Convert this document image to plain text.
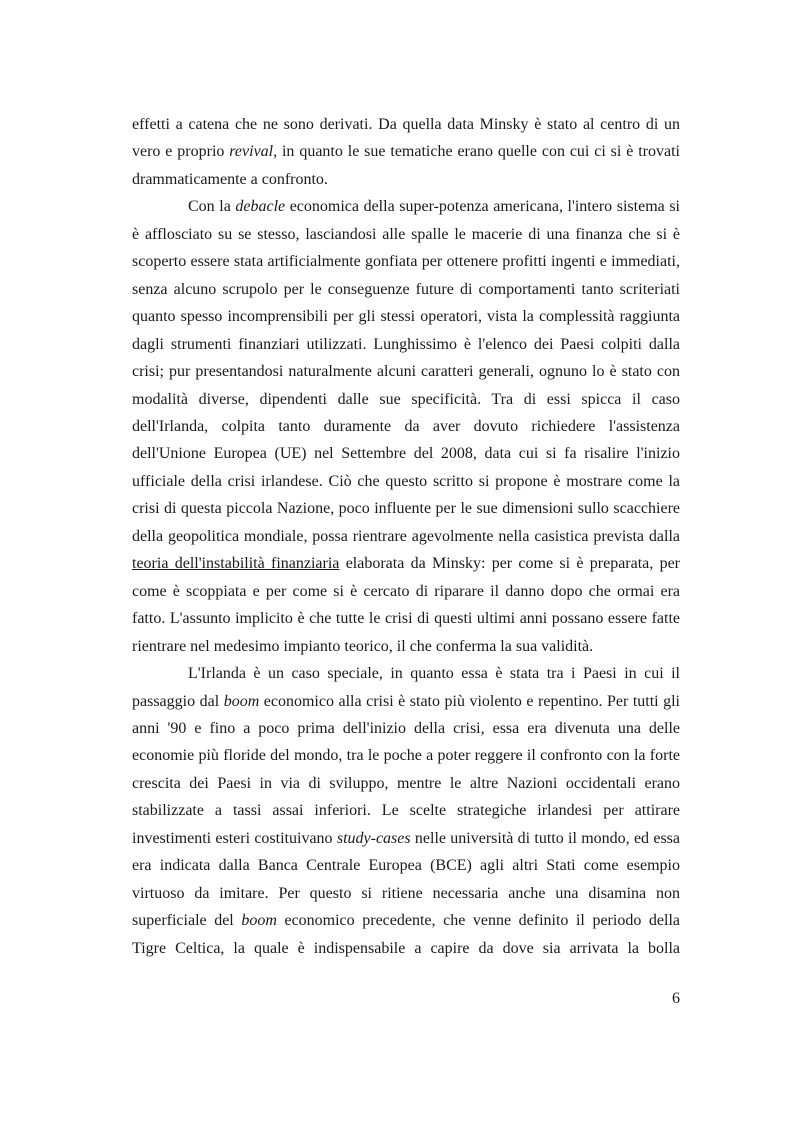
effetti a catena che ne sono derivati. Da quella data Minsky è stato al centro di un vero e proprio revival, in quanto le sue tematiche erano quelle con cui ci si è trovati drammaticamente a confronto.

Con la debacle economica della super-potenza americana, l'intero sistema si è afflosciato su se stesso, lasciandosi alle spalle le macerie di una finanza che si è scoperto essere stata artificialmente gonfiata per ottenere profitti ingenti e immediati, senza alcuno scrupolo per le conseguenze future di comportamenti tanto scriteriati quanto spesso incomprensibili per gli stessi operatori, vista la complessità raggiunta dagli strumenti finanziari utilizzati. Lunghissimo è l'elenco dei Paesi colpiti dalla crisi; pur presentandosi naturalmente alcuni caratteri generali, ognuno lo è stato con modalità diverse, dipendenti dalle sue specificità. Tra di essi spicca il caso dell'Irlanda, colpita tanto duramente da aver dovuto richiedere l'assistenza dell'Unione Europea (UE) nel Settembre del 2008, data cui si fa risalire l'inizio ufficiale della crisi irlandese. Ciò che questo scritto si propone è mostrare come la crisi di questa piccola Nazione, poco influente per le sue dimensioni sullo scacchiere della geopolitica mondiale, possa rientrare agevolmente nella casistica prevista dalla teoria dell'instabilità finanziaria elaborata da Minsky: per come si è preparata, per come è scoppiata e per come si è cercato di riparare il danno dopo che ormai era fatto. L'assunto implicito è che tutte le crisi di questi ultimi anni possano essere fatte rientrare nel medesimo impianto teorico, il che conferma la sua validità.

L'Irlanda è un caso speciale, in quanto essa è stata tra i Paesi in cui il passaggio dal boom economico alla crisi è stato più violento e repentino. Per tutti gli anni '90 e fino a poco prima dell'inizio della crisi, essa era divenuta una delle economie più floride del mondo, tra le poche a poter reggere il confronto con la forte crescita dei Paesi in via di sviluppo, mentre le altre Nazioni occidentali erano stabilizzate a tassi assai inferiori. Le scelte strategiche irlandesi per attirare investimenti esteri costituivano study-cases nelle università di tutto il mondo, ed essa era indicata dalla Banca Centrale Europea (BCE) agli altri Stati come esempio virtuoso da imitare. Per questo si ritiene necessaria anche una disamina non superficiale del boom economico precedente, che venne definito il periodo della Tigre Celtica, la quale è indispensabile a capire da dove sia arrivata la bolla

6
